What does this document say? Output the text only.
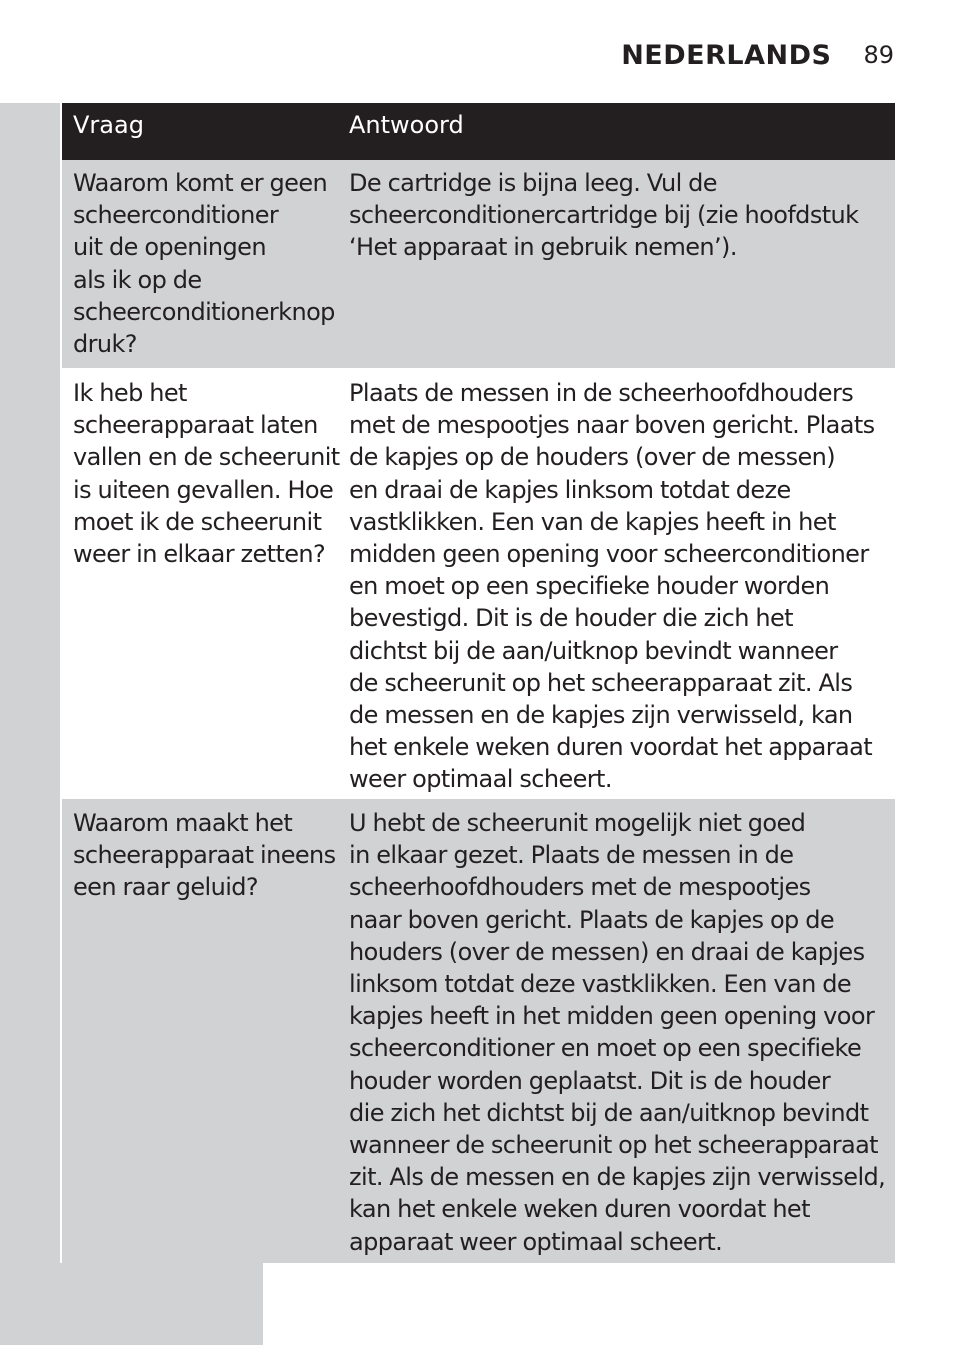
NEDERLANDS 89
Vraag	Antwoord
Waarom komt er geen
scheerconditioner
uit de openingen
als ik op de
scheerconditionerknop
druk?
De cartridge is bijna leeg. Vul de
scheerconditionercartridge bij (zie hoofdstuk
‘Het apparaat in gebruik nemen’).
Ik heb het
scheerapparaat laten
vallen en de scheerunit
is uiteen gevallen. Hoe
moet ik de scheerunit
weer in elkaar zetten?
Plaats de messen in de scheerhoofdhouders
met de mespootjes naar boven gericht. Plaats
de kapjes op de houders (over de messen)
en draai de kapjes linksom totdat deze
vastklikken. Een van de kapjes heeft in het
midden geen opening voor scheerconditioner
en moet op een specifieke houder worden
bevestigd. Dit is de houder die zich het
dichtst bij de aan/uitknop bevindt wanneer
de scheerunit op het scheerapparaat zit. Als
de messen en de kapjes zijn verwisseld, kan
het enkele weken duren voordat het apparaat
weer optimaal scheert.
Waarom maakt het
scheerapparaat ineens
een raar geluid?
U hebt de scheerunit mogelijk niet goed
in elkaar gezet. Plaats de messen in de
scheerhoofdhouders met de mespootjes
naar boven gericht. Plaats de kapjes op de
houders (over de messen) en draai de kapjes
linksom totdat deze vastklikken. Een van de
kapjes heeft in het midden geen opening voor
scheerconditioner en moet op een specifieke
houder worden geplaatst. Dit is de houder
die zich het dichtst bij de aan/uitknop bevindt
wanneer de scheerunit op het scheerapparaat
zit. Als de messen en de kapjes zijn verwisseld,
kan het enkele weken duren voordat het
apparaat weer optimaal scheert.
